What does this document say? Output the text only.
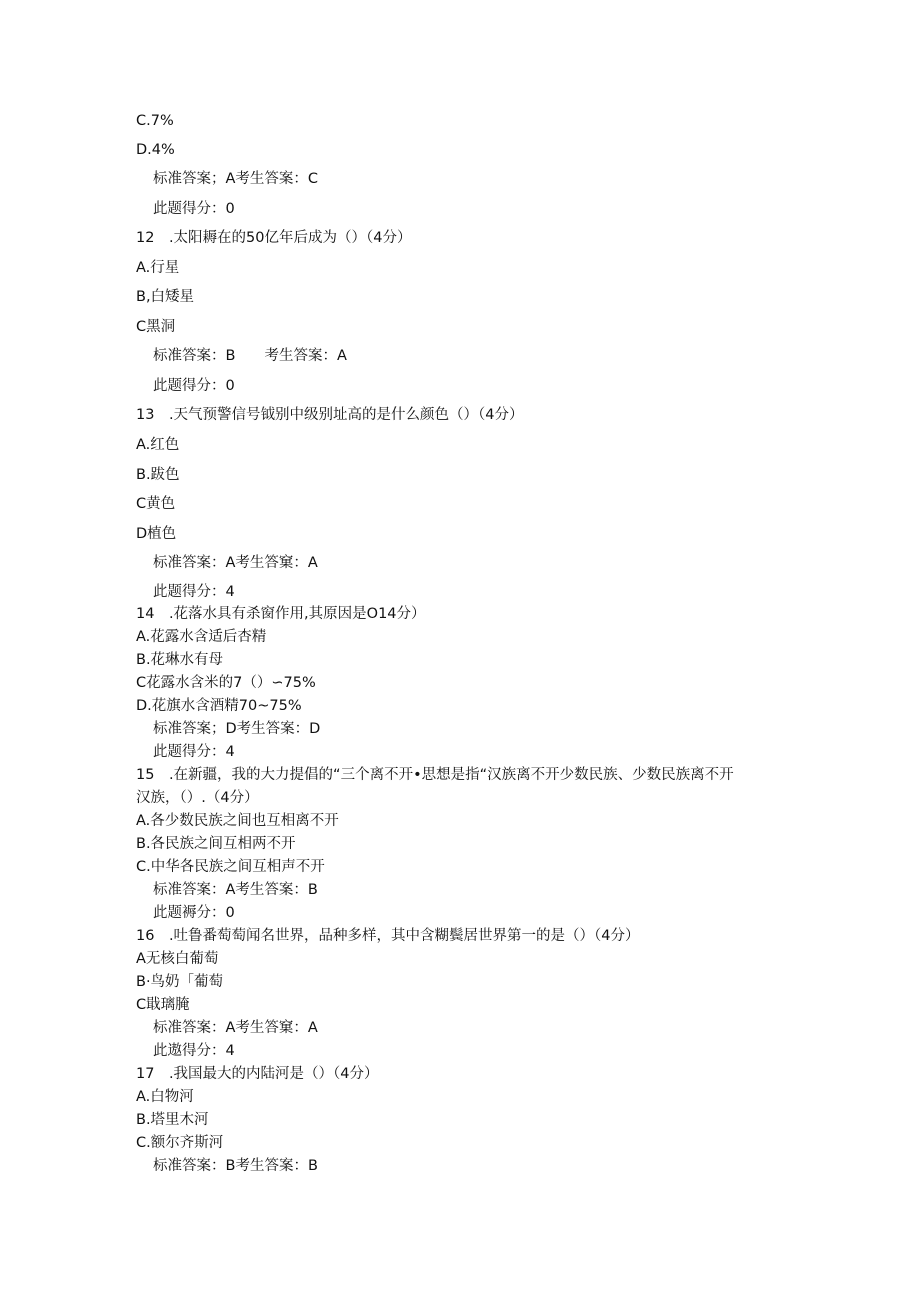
C.7%
D.4%
标准答案；A考生答案：C
此题得分：0
12　.太阳耨在的50亿年后成为（）（4分）
A.行星
B,白矮星
C黑洞
标准答案：B　　考生答案：A
此题得分：0
13　.天气预警信号钺别中级别址高的是什么颜色（）（4分）
A.红色
B.跋色
C黄色
D植色
标准答案：A考生答窠：A
此题得分：4
14　.花落水具有杀窗作用,其原因是O14分）
A.花露水含适后杏精
B.花琳水有母
C花露水含米的7（）∽75%
D.花旗水含酒精70~75%
标准答案；D考生答案：D
此题得分：4
15　.在新疆，我的大力提倡的“三个离不开•思想是指“汉族离不开少数民族、少数民族离不开
汉族，（）.（4分）
A.各少数民族之间也互相离不开
B.各民族之间互相两不开
C.中华各民族之间互相声不开
标准答案：A考生答案：B
此题褥分：0
16　.吐鲁番萄萄闻名世界，品种多样，其中含糊鬓居世界第一的是（）（4分）
A无核白葡萄
B·鸟奶「葡萄
C戢璃腌
标准答案：A考生答窠：A
此遨得分：4
17　.我国最大的内陆河是（）（4分）
A.白物河
B.塔里木河
C.额尔齐斯河
标准答案：B考生答案：B
